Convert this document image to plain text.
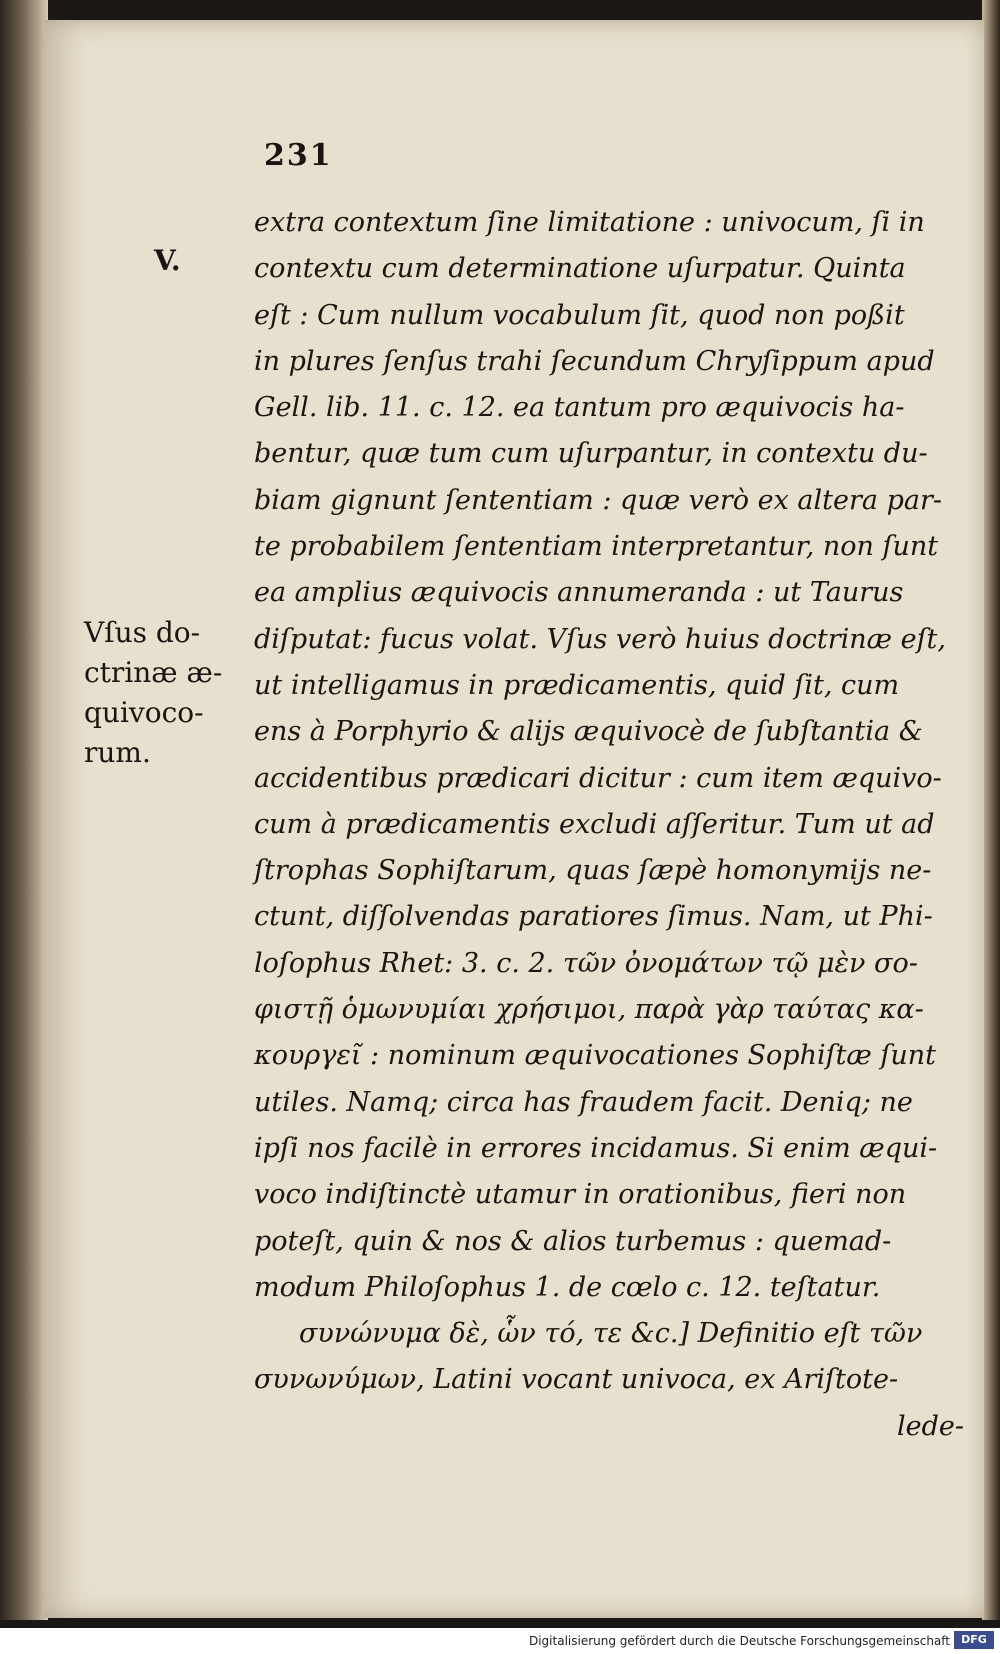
231
V.
Vſus do-
ctrinæ æ-
quivoco-
rum.
extra contextum ſine limitatione : univocum, ſi in
contextu cum determinatione uſurpatur. Quinta
eſt : Cum nullum vocabulum ſit, quod non poßit
in plures ſenſus trahi ſecundum Chryſippum apud
Gell. lib. 11. c. 12. ea tantum pro æquivocis ha-
bentur, quæ tum cum uſurpantur, in contextu du-
biam gignunt ſententiam : quæ verò ex altera par-
te probabilem ſententiam interpretantur, non ſunt
ea amplius æquivocis annumeranda : ut Taurus
diſputat: fucus volat. Vſus verò huius doctrinæ eſt,
ut intelligamus in prædicamentis, quid ſit, cum
ens à Porphyrio & alijs æquivocè de ſubſtantia &
accidentibus prædicari dicitur : cum item æquivo-
cum à prædicamentis excludi aſſeritur. Tum ut ad
ſtrophas Sophiſtarum, quas ſæpè homonymijs ne-
ctunt, diſſolvendas paratiores ſimus. Nam, ut Phi-
loſophus Rhet: 3. c. 2. τῶν ὀνομάτων τῷ μὲν σο-
φιστῇ ὁμωνυμίαι χρήσιμοι, παρὰ γὰρ ταύτας κα-
κουργεῖ : nominum æquivocationes Sophiſtæ ſunt
utiles. Namq; circa has fraudem facit. Deniq; ne
ipſi nos facilè in errores incidamus. Si enim æqui-
voco indiſtinctè utamur in orationibus, fieri non
poteſt, quin & nos & alios turbemus : quemad-
modum Philoſophus 1. de cœlo c. 12. teſtatur.
συνώνυμα δὲ, ὧν τό, τε &c.] Definitio eſt τῶν
συνωνύμων, Latini vocant univoca, ex Ariſtote-
lede-
Digitalisierung gefördert durch die Deutsche Forschungsgemeinschaft	DFG
